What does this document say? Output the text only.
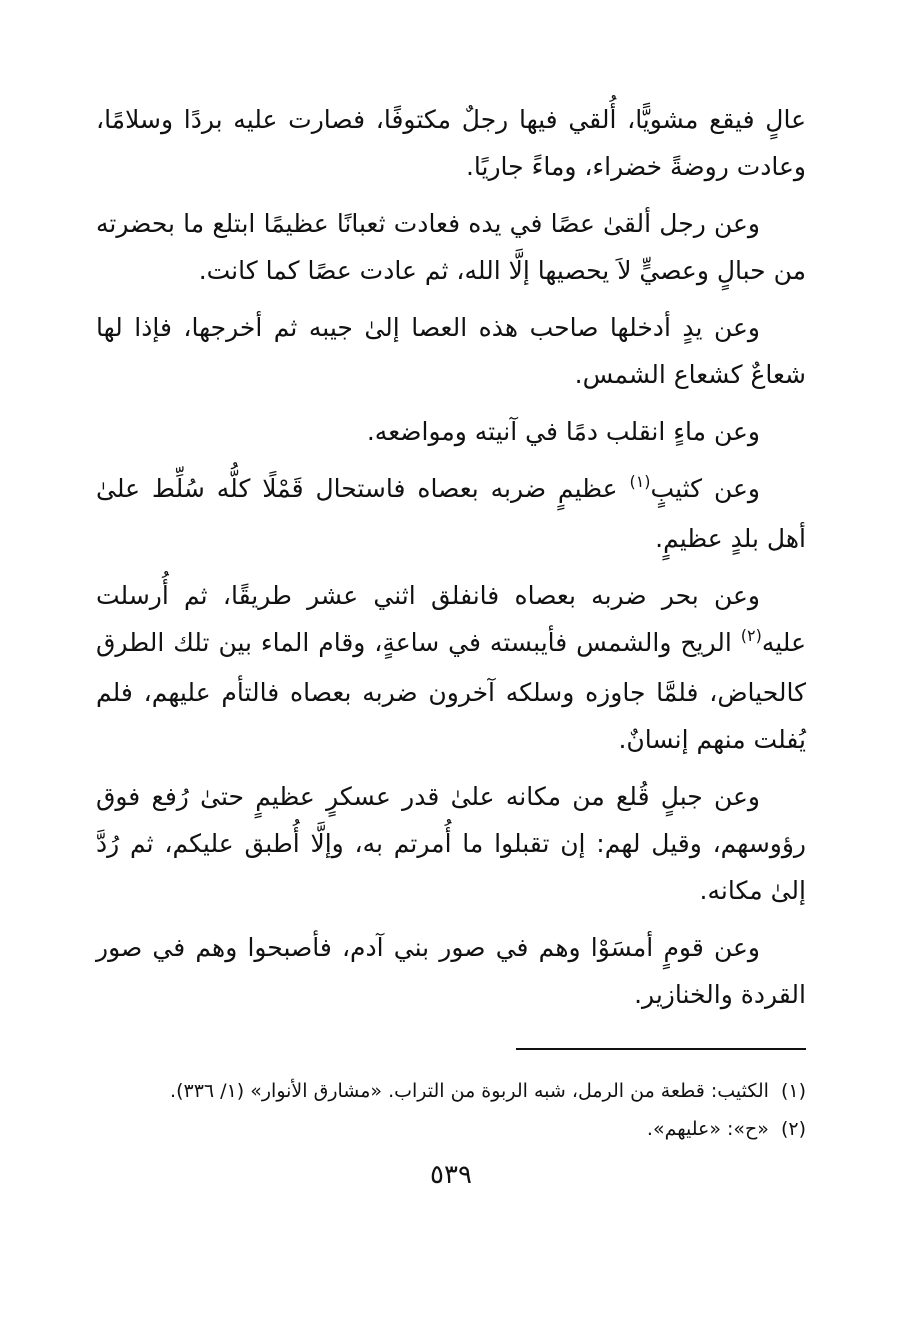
عالٍ فيقع مشويًّا، أُلقي فيها رجلٌ مكتوفًا، فصارت عليه بردًا وسلامًا، وعادت روضةً خضراء، وماءً جاريًا.

وعن رجل ألقىٰ عصًا في يده فعادت ثعبانًا عظيمًا ابتلع ما بحضرته من حبالٍ وعصيٍّ لاَ يحصيها إلَّا الله، ثم عادت عصًا كما كانت.

وعن يدٍ أدخلها صاحب هذه العصا إلىٰ جيبه ثم أخرجها، فإذا لها شعاعٌ كشعاع الشمس.

وعن ماءٍ انقلب دمًا في آنيته ومواضعه.

وعن كثيبٍ$^{(١)}$ عظيمٍ ضربه بعصاه فاستحال قَمْلًا كلُّه سُلِّط علىٰ أهل بلدٍ عظيمٍ.

وعن بحر ضربه بعصاه فانفلق اثني عشر طريقًا، ثم أُرسلت عليه$^{(٢)}$ الريح والشمس فأيبسته في ساعةٍ، وقام الماء بين تلك الطرق كالحياض، فلمَّا جاوزه وسلكه آخرون ضربه بعصاه فالتأم عليهم، فلم يُفلت منهم إنسانٌ.

وعن جبلٍ قُلع من مكانه علىٰ قدر عسكرٍ عظيمٍ حتىٰ رُفع فوق رؤوسهم، وقيل لهم: إن تقبلوا ما أُمرتم به، وإلَّا أُطبق عليكم، ثم رُدَّ إلىٰ مكانه.

وعن قومٍ أمسَوْا وهم في صور بني آدم، فأصبحوا وهم في صور القردة والخنازير.

(١)الكثيب: قطعة من الرمل، شبه الربوة من التراب. «مشارق الأنوار» (١/ ٣٣٦).
(٢)«ح»: «عليهم».
٥٣٩
